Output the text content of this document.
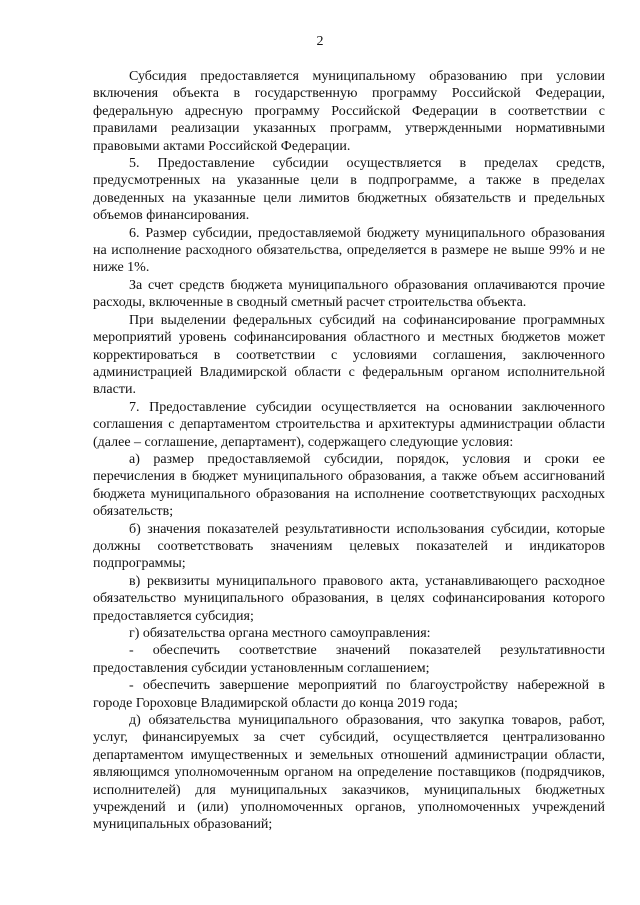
2

Субсидия предоставляется муниципальному образованию при условии включения объекта в государственную программу Российской Федерации, федеральную адресную программу Российской Федерации в соответствии с правилами реализации указанных программ, утвержденными нормативными правовыми актами Российской Федерации.

5. Предоставление субсидии осуществляется в пределах средств, предусмотренных на указанные цели в подпрограмме, а также в пределах доведенных на указанные цели лимитов бюджетных обязательств и предельных объемов финансирования.

6. Размер субсидии, предоставляемой бюджету муниципального образования на исполнение расходного обязательства, определяется в размере не выше 99% и не ниже 1%.

За счет средств бюджета муниципального образования оплачиваются прочие расходы, включенные в сводный сметный расчет строительства объекта.

При выделении федеральных субсидий на софинансирование программных мероприятий уровень софинансирования областного и местных бюджетов может корректироваться в соответствии с условиями соглашения, заключенного администрацией Владимирской области с федеральным органом исполнительной власти.

7. Предоставление субсидии осуществляется на основании заключенного соглашения с департаментом строительства и архитектуры администрации области (далее – соглашение, департамент), содержащего следующие условия:

а) размер предоставляемой субсидии, порядок, условия и сроки ее перечисления в бюджет муниципального образования, а также объем ассигнований бюджета муниципального образования на исполнение соответствующих расходных обязательств;

б) значения показателей результативности использования субсидии, которые должны соответствовать значениям целевых показателей и индикаторов подпрограммы;

в) реквизиты муниципального правового акта, устанавливающего расходное обязательство муниципального образования, в целях софинансирования которого предоставляется субсидия;

г) обязательства органа местного самоуправления:

- обеспечить соответствие значений показателей результативности предоставления субсидии установленным соглашением;

- обеспечить завершение мероприятий по благоустройству набережной в городе Гороховце Владимирской области до конца 2019 года;

д) обязательства муниципального образования, что закупка товаров, работ, услуг, финансируемых за счет субсидий, осуществляется централизованно департаментом имущественных и земельных отношений администрации области, являющимся уполномоченным органом на определение поставщиков (подрядчиков, исполнителей) для муниципальных заказчиков, муниципальных бюджетных учреждений и (или) уполномоченных органов, уполномоченных учреждений муниципальных образований;
